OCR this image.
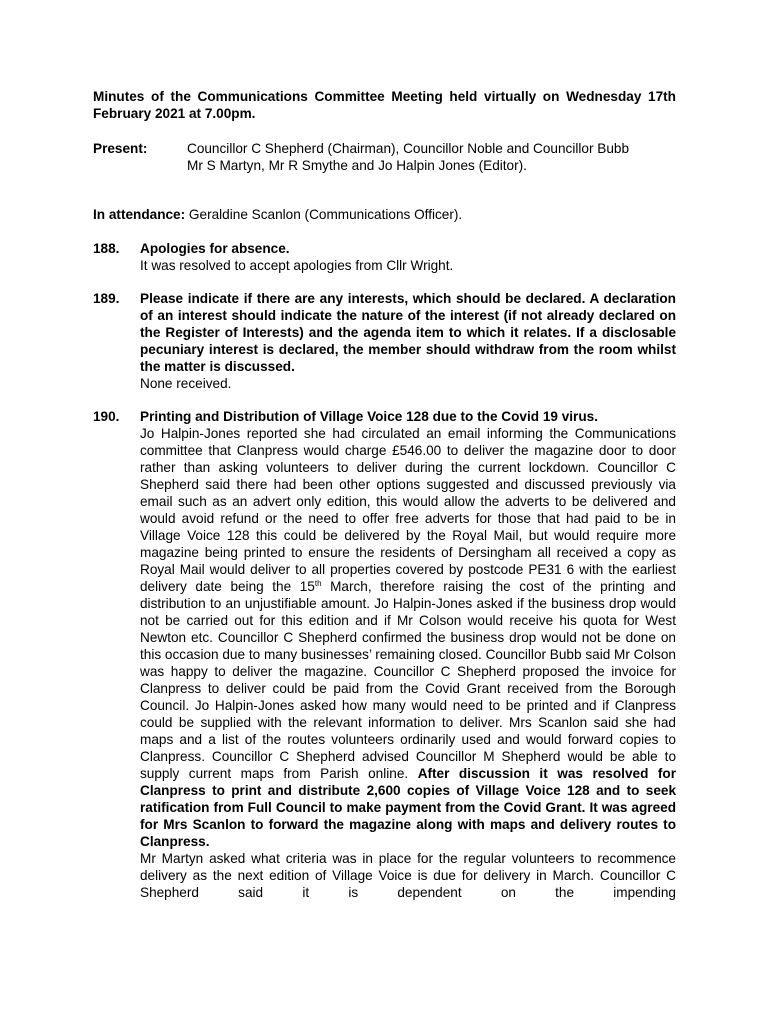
Minutes of the Communications Committee Meeting held virtually on Wednesday 17th February 2021 at 7.00pm.
Present:	Councillor C Shepherd (Chairman), Councillor Noble and Councillor Bubb
Mr S Martyn, Mr R Smythe and Jo Halpin Jones (Editor).
In attendance: Geraldine Scanlon (Communications Officer).
188. Apologies for absence.
It was resolved to accept apologies from Cllr Wright.
189. Please indicate if there are any interests, which should be declared. A declaration of an interest should indicate the nature of the interest (if not already declared on the Register of Interests) and the agenda item to which it relates. If a disclosable pecuniary interest is declared, the member should withdraw from the room whilst the matter is discussed.
None received.
190. Printing and Distribution of Village Voice 128 due to the Covid 19 virus.

Jo Halpin-Jones reported she had circulated an email informing the Communications committee that Clanpress would charge £546.00 to deliver the magazine door to door rather than asking volunteers to deliver during the current lockdown. Councillor C Shepherd said there had been other options suggested and discussed previously via email such as an advert only edition, this would allow the adverts to be delivered and would avoid refund or the need to offer free adverts for those that had paid to be in Village Voice 128 this could be delivered by the Royal Mail, but would require more magazine being printed to ensure the residents of Dersingham all received a copy as Royal Mail would deliver to all properties covered by postcode PE31 6 with the earliest delivery date being the 15th March, therefore raising the cost of the printing and distribution to an unjustifiable amount. Jo Halpin-Jones asked if the business drop would not be carried out for this edition and if Mr Colson would receive his quota for West Newton etc. Councillor C Shepherd confirmed the business drop would not be done on this occasion due to many businesses’ remaining closed. Councillor Bubb said Mr Colson was happy to deliver the magazine. Councillor C Shepherd proposed the invoice for Clanpress to deliver could be paid from the Covid Grant received from the Borough Council. Jo Halpin-Jones asked how many would need to be printed and if Clanpress could be supplied with the relevant information to deliver. Mrs Scanlon said she had maps and a list of the routes volunteers ordinarily used and would forward copies to Clanpress. Councillor C Shepherd advised Councillor M Shepherd would be able to supply current maps from Parish online. After discussion it was resolved for Clanpress to print and distribute 2,600 copies of Village Voice 128 and to seek ratification from Full Council to make payment from the Covid Grant. It was agreed for Mrs Scanlon to forward the magazine along with maps and delivery routes to Clanpress.

Mr Martyn asked what criteria was in place for the regular volunteers to recommence delivery as the next edition of Village Voice is due for delivery in March. Councillor C Shepherd said it is dependent on the impending
